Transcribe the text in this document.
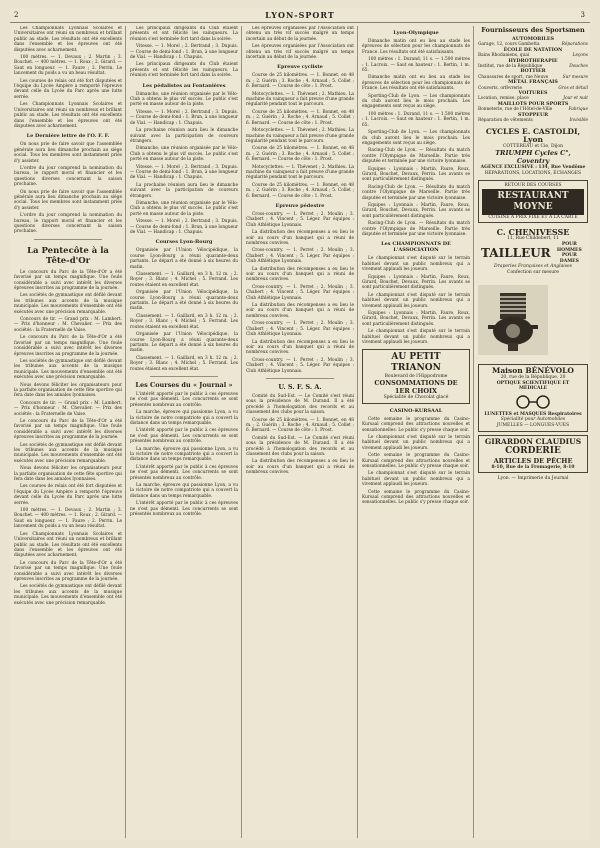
2	LYON-SPORT	3

Les Championnats Lyonnais Scolaires et Universitaires ont réuni un nombreux et brillant public au stade. Les résultats ont été excellents dans l'ensemble et les épreuves ont été disputées avec acharnement.

100 mètres. — 1. Devaux ; 2. Martin ; 3. Bouchet. — 400 mètres. — 1. Roux ; 2. Girard. — Saut en longueur. — 1. Faure ; 2. Perrin. Le lancement du poids a vu un beau résultat.

Les courses de relais ont été fort disputées et l'équipe du Lycée Ampère a remporté l'épreuve devant celle du Lycée du Parc après une lutte serrée.

Les Championnats Lyonnais Scolaires et Universitaires ont réuni un nombreux et brillant public au stade. Les résultats ont été excellents dans l'ensemble et les épreuves ont été disputées avec acharnement.

Le Dernière lettre de l'O. F. F.

On nous prie de faire savoir que l'assemblée générale aura lieu dimanche prochain au siège social. Tous les membres sont instamment priés d'y assister.

L'ordre du jour comprend la nomination du bureau, le rapport moral et financier et les questions diverses concernant la saison prochaine.

On nous prie de faire savoir que l'assemblée générale aura lieu dimanche prochain au siège social. Tous les membres sont instamment priés d'y assister.

L'ordre du jour comprend la nomination du bureau, le rapport moral et financier et les questions diverses concernant la saison prochaine.

La Pentecôte à la Tête-d'Or

Le concours du Parc de la Tête-d'Or a été favorisé par un temps magnifique. Une foule considérable a suivi avec intérêt les diverses épreuves inscrites au programme de la journée.

Les sociétés de gymnastique ont défilé devant les tribunes aux accents de la musique municipale. Les mouvements d'ensemble ont été exécutés avec une précision remarquable.

Concours de tir. — Grand prix : M. Lambert. — Prix d'honneur : M. Chevalier. — Prix des sociétés : la Fraternelle de Vaise.

Le concours du Parc de la Tête-d'Or a été favorisé par un temps magnifique. Une foule considérable a suivi avec intérêt les diverses épreuves inscrites au programme de la journée.

Les sociétés de gymnastique ont défilé devant les tribunes aux accents de la musique municipale. Les mouvements d'ensemble ont été exécutés avec une précision remarquable.

Nous devons féliciter les organisateurs pour la parfaite organisation de cette fête sportive qui fera date dans les annales lyonnaises.

Concours de tir. — Grand prix : M. Lambert. — Prix d'honneur : M. Chevalier. — Prix des sociétés : la Fraternelle de Vaise.

Le concours du Parc de la Tête-d'Or a été favorisé par un temps magnifique. Une foule considérable a suivi avec intérêt les diverses épreuves inscrites au programme de la journée.

Les sociétés de gymnastique ont défilé devant les tribunes aux accents de la musique municipale. Les mouvements d'ensemble ont été exécutés avec une précision remarquable.

Nous devons féliciter les organisateurs pour la parfaite organisation de cette fête sportive qui fera date dans les annales lyonnaises.

Les courses de relais ont été fort disputées et l'équipe du Lycée Ampère a remporté l'épreuve devant celle du Lycée du Parc après une lutte serrée.

100 mètres. — 1. Devaux ; 2. Martin ; 3. Bouchet. — 400 mètres. — 1. Roux ; 2. Girard. — Saut en longueur. — 1. Faure ; 2. Perrin. Le lancement du poids a vu un beau résultat.

Les Championnats Lyonnais Scolaires et Universitaires ont réuni un nombreux et brillant public au stade. Les résultats ont été excellents dans l'ensemble et les épreuves ont été disputées avec acharnement.

Le concours du Parc de la Tête-d'Or a été favorisé par un temps magnifique. Une foule considérable a suivi avec intérêt les diverses épreuves inscrites au programme de la journée.

Les sociétés de gymnastique ont défilé devant les tribunes aux accents de la musique municipale. Les mouvements d'ensemble ont été exécutés avec une précision remarquable.

Les principaux dirigeants du Club étaient présents et ont félicité les vainqueurs. La réunion s'est terminée fort tard dans la soirée.

Vitesse. — 1. Morel ; 2. Bertrand ; 3. Dupuis. — Course de demi-fond : 1. Brun, à une longueur de Vial. — Handicap : 1. Chapuis.

Les principaux dirigeants du Club étaient présents et ont félicité les vainqueurs. La réunion s'est terminée fort tard dans la soirée.

Les pédalistes au Fontanières

Dimanche, une réunion organisée par le Vélo-Club a obtenu le plus vif succès. Le public s'est porté en masse autour de la piste.

Vitesse. — 1. Morel ; 2. Bertrand ; 3. Dupuis. — Course de demi-fond : 1. Brun, à une longueur de Vial. — Handicap : 1. Chapuis.

La prochaine réunion aura lieu le dimanche suivant avec la participation de coureurs étrangers.

Dimanche, une réunion organisée par le Vélo-Club a obtenu le plus vif succès. Le public s'est porté en masse autour de la piste.

Vitesse. — 1. Morel ; 2. Bertrand ; 3. Dupuis. — Course de demi-fond : 1. Brun, à une longueur de Vial. — Handicap : 1. Chapuis.

La prochaine réunion aura lieu le dimanche suivant avec la participation de coureurs étrangers.

Dimanche, une réunion organisée par le Vélo-Club a obtenu le plus vif succès. Le public s'est porté en masse autour de la piste.

Vitesse. — 1. Morel ; 2. Bertrand ; 3. Dupuis. — Course de demi-fond : 1. Brun, à une longueur de Vial. — Handicap : 1. Chapuis.

Courses Lyon-Bourg

Organisée par l'Union Vélocipédique, la course Lyon-Bourg a réuni quarante-deux partants. Le départ a été donné à six heures du matin.

Classement. — 1. Gaillard, en 3 h. 12 m. ; 2. Royer ; 3. Blanc ; 4. Michel ; 5. Ferrand. Les routes étaient en excellent état.

Organisée par l'Union Vélocipédique, la course Lyon-Bourg a réuni quarante-deux partants. Le départ a été donné à six heures du matin.

Classement. — 1. Gaillard, en 3 h. 12 m. ; 2. Royer ; 3. Blanc ; 4. Michel ; 5. Ferrand. Les routes étaient en excellent état.

Organisée par l'Union Vélocipédique, la course Lyon-Bourg a réuni quarante-deux partants. Le départ a été donné à six heures du matin.

Classement. — 1. Gaillard, en 3 h. 12 m. ; 2. Royer ; 3. Blanc ; 4. Michel ; 5. Ferrand. Les routes étaient en excellent état.

Les Courses du « Journal »

L'intérêt apporté par le public à ces épreuves ne s'est pas démenti. Les concurrents se sont présentés nombreux au contrôle.

La marche, épreuve qui passionne Lyon, a vu la victoire de notre compatriote qui a couvert la distance dans un temps remarquable.

L'intérêt apporté par le public à ces épreuves ne s'est pas démenti. Les concurrents se sont présentés nombreux au contrôle.

La marche, épreuve qui passionne Lyon, a vu la victoire de notre compatriote qui a couvert la distance dans un temps remarquable.

L'intérêt apporté par le public à ces épreuves ne s'est pas démenti. Les concurrents se sont présentés nombreux au contrôle.

La marche, épreuve qui passionne Lyon, a vu la victoire de notre compatriote qui a couvert la distance dans un temps remarquable.

L'intérêt apporté par le public à ces épreuves ne s'est pas démenti. Les concurrents se sont présentés nombreux au contrôle.

Les épreuves organisées par l'Association ont obtenu un très vif succès malgré un temps incertain au début de la journée.

Les épreuves organisées par l'Association ont obtenu un très vif succès malgré un temps incertain au début de la journée.

Epreuve cycliste

Course de 25 kilomètres. — 1. Bonnet, en 48 m. ; 2. Guérin ; 3. Roche ; 4. Arnaud ; 5. Collet ; 6. Bernard. — Course de côte : 1. Prost.

Motocyclettes. — 1. Thévenet ; 2. Mathieu. La machine du vainqueur a fait preuve d'une grande régularité pendant tout le parcours.

Course de 25 kilomètres. — 1. Bonnet, en 48 m. ; 2. Guérin ; 3. Roche ; 4. Arnaud ; 5. Collet ; 6. Bernard. — Course de côte : 1. Prost.

Motocyclettes. — 1. Thévenet ; 2. Mathieu. La machine du vainqueur a fait preuve d'une grande régularité pendant tout le parcours.

Course de 25 kilomètres. — 1. Bonnet, en 48 m. ; 2. Guérin ; 3. Roche ; 4. Arnaud ; 5. Collet ; 6. Bernard. — Course de côte : 1. Prost.

Motocyclettes. — 1. Thévenet ; 2. Mathieu. La machine du vainqueur a fait preuve d'une grande régularité pendant tout le parcours.

Course de 25 kilomètres. — 1. Bonnet, en 48 m. ; 2. Guérin ; 3. Roche ; 4. Arnaud ; 5. Collet ; 6. Bernard. — Course de côte : 1. Prost.

Epreuve pédestre

Cross-country. — 1. Perret ; 2. Moulin ; 3. Chabert ; 4. Vincent ; 5. Léger. Par équipes : Club Athlétique Lyonnais.

La distribution des récompenses a eu lieu le soir au cours d'un banquet qui a réuni de nombreux convives.

Cross-country. — 1. Perret ; 2. Moulin ; 3. Chabert ; 4. Vincent ; 5. Léger. Par équipes : Club Athlétique Lyonnais.

La distribution des récompenses a eu lieu le soir au cours d'un banquet qui a réuni de nombreux convives.

Cross-country. — 1. Perret ; 2. Moulin ; 3. Chabert ; 4. Vincent ; 5. Léger. Par équipes : Club Athlétique Lyonnais.

La distribution des récompenses a eu lieu le soir au cours d'un banquet qui a réuni de nombreux convives.

Cross-country. — 1. Perret ; 2. Moulin ; 3. Chabert ; 4. Vincent ; 5. Léger. Par équipes : Club Athlétique Lyonnais.

La distribution des récompenses a eu lieu le soir au cours d'un banquet qui a réuni de nombreux convives.

Cross-country. — 1. Perret ; 2. Moulin ; 3. Chabert ; 4. Vincent ; 5. Léger. Par équipes : Club Athlétique Lyonnais.

U. S. F. S. A.

Comité du Sud-Est. — Le Comité s'est réuni sous la présidence de M. Durand. Il a été procédé à l'homologation des records et au classement des clubs pour la saison.

Course de 25 kilomètres. — 1. Bonnet, en 48 m. ; 2. Guérin ; 3. Roche ; 4. Arnaud ; 5. Collet ; 6. Bernard. — Course de côte : 1. Prost.

Comité du Sud-Est. — Le Comité s'est réuni sous la présidence de M. Durand. Il a été procédé à l'homologation des records et au classement des clubs pour la saison.

La distribution des récompenses a eu lieu le soir au cours d'un banquet qui a réuni de nombreux convives.

Lyon-Olympique

Dimanche matin ont eu lieu au stade les épreuves de sélection pour les championnats de France. Les résultats ont été satisfaisants.

100 mètres : 1. Durand, 11 s. — 1.500 mètres : 1. Lacroix. — Saut en hauteur : 1. Bertin, 1 m. 65.

Dimanche matin ont eu lieu au stade les épreuves de sélection pour les championnats de France. Les résultats ont été satisfaisants.

Sporting-Club de Lyon. — Les championnats du club auront lieu le mois prochain. Les engagements sont reçus au siège.

100 mètres : 1. Durand, 11 s. — 1.500 mètres : 1. Lacroix. — Saut en hauteur : 1. Bertin, 1 m. 65.

Sporting-Club de Lyon. — Les championnats du club auront lieu le mois prochain. Les engagements sont reçus au siège.

Racing-Club de Lyon. — Résultats du match contre l'Olympique de Marseille. Partie très disputée et terminée par une victoire lyonnaise.

Equipes : Lyonnais : Martin, Faure, Roux, Girard, Bouchet, Devaux, Perrin. Les avants se sont particulièrement distingués.

Racing-Club de Lyon. — Résultats du match contre l'Olympique de Marseille. Partie très disputée et terminée par une victoire lyonnaise.

Equipes : Lyonnais : Martin, Faure, Roux, Girard, Bouchet, Devaux, Perrin. Les avants se sont particulièrement distingués.

Racing-Club de Lyon. — Résultats du match contre l'Olympique de Marseille. Partie très disputée et terminée par une victoire lyonnaise.

Les CHAMPIONNATS DE L'ASSOCIATION

Le championnat s'est disputé sur le terrain habituel devant un public nombreux qui a vivement applaudi les joueurs.

Equipes : Lyonnais : Martin, Faure, Roux, Girard, Bouchet, Devaux, Perrin. Les avants se sont particulièrement distingués.

Le championnat s'est disputé sur le terrain habituel devant un public nombreux qui a vivement applaudi les joueurs.

Equipes : Lyonnais : Martin, Faure, Roux, Girard, Bouchet, Devaux, Perrin. Les avants se sont particulièrement distingués.

Le championnat s'est disputé sur le terrain habituel devant un public nombreux qui a vivement applaudi les joueurs.

AU PETIT TRIANON
Boulevard de l'Hippodrome
CONSOMMATIONS DE 1ER CHOIX
Spécialité de Chocolat glacé
CASINO-KURSAAL

Cette semaine le programme du Casino-Kursaal comprend des attractions nouvelles et sensationnelles. Le public s'y presse chaque soir.

Le championnat s'est disputé sur le terrain habituel devant un public nombreux qui a vivement applaudi les joueurs.

Cette semaine le programme du Casino-Kursaal comprend des attractions nouvelles et sensationnelles. Le public s'y presse chaque soir.

Le championnat s'est disputé sur le terrain habituel devant un public nombreux qui a vivement applaudi les joueurs.

Cette semaine le programme du Casino-Kursaal comprend des attractions nouvelles et sensationnelles. Le public s'y presse chaque soir.

Fournisseurs des Sportsmen
AUTOMOBILES
Garage, 12, cours Gambetta	Réparations
ÉCOLE DE NATATION
Bains Rhodaniens, quai	Leçons
HYDROTHERAPIE
Institut, rue de la République	Douches
BOTTIER
Chaussures de sport, rue Neuve	Sur mesure
MÉTAL FRANÇAIS
Couverts, orfèvrerie	Gros et détail
VOITURES
Location, remise, place	Jour et nuit
MAILLOTS POUR SPORTS
Bonneterie, rue de l'Hôtel-de-Ville	Fabrique
STOPPEUR
Réparation de vêtements	Invisible
CYCLES E. CASTOLDI, Lyon
COTTEREAU et Cie, Dijon
TRIUMPH Cycles C°, Coventry
AGENCE EXCLUSIVE : 134, Rue Vendôme
RÉPARATIONS, LOCATIONS, ÉCHANGES
RETOUR DES COURSES
RESTAURANT MOYNE
CUISINE À PRIX FIXE ET À LA CARTE
C. CHENIVESSE
11, Rue Childebert, 11
TAILLEUR
POUR HOMMES POUR DAMES
Draperies Françaises et Anglaises
Confection sur mesure
Maison BÉNÉVOLO
20, rue de la République, 20
OPTIQUE SCIENTIFIQUE ET MÉDICALE
LUNETTES et MASQUES Respiratoires
Spécialité pour Automobiles
JUMELLES — LONGUES-VUES
GIRARDON CLAUDIUS
CORDERIE
ARTICLES DE PÊCHE
8-10, Rue de la Fromagerie, 8-10
Lyon. — Imprimerie du Journal
